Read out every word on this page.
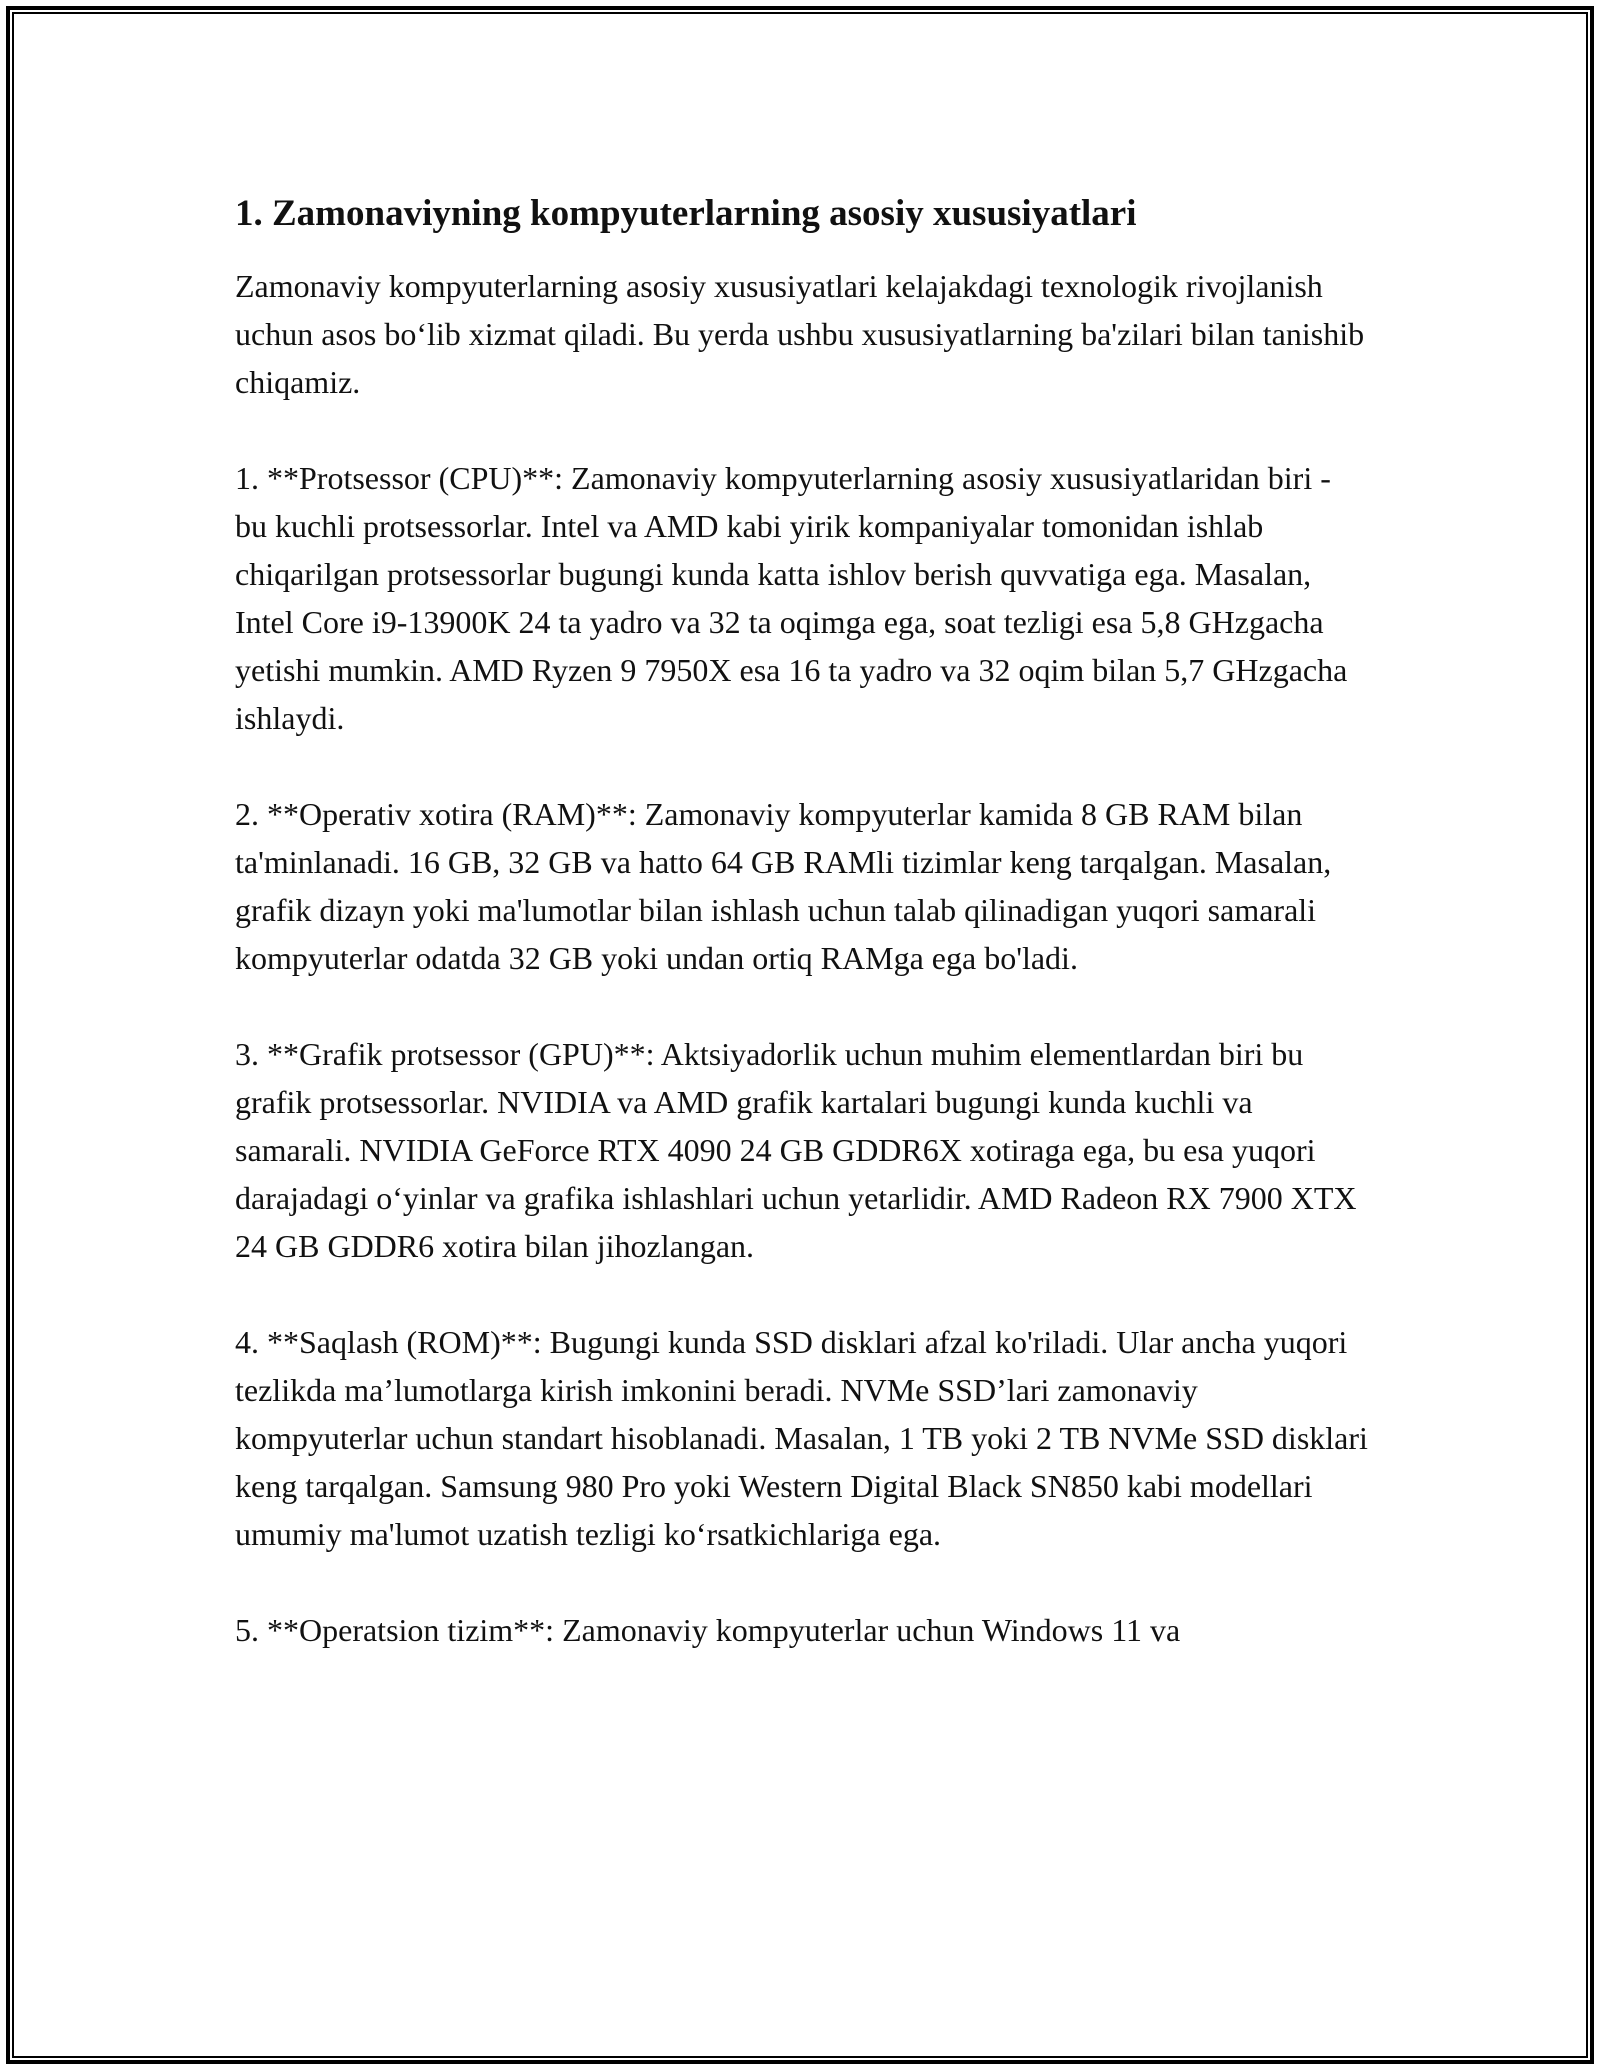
1. Zamonaviyning kompyuterlarning asosiy xususiyatlari

Zamonaviy kompyuterlarning asosiy xususiyatlari kelajakdagi texnologik rivojlanish uchun asos bo‘lib xizmat qiladi. Bu yerda ushbu xususiyatlarning ba'zilari bilan tanishib chiqamiz.

1. **Protsessor (CPU)**: Zamonaviy kompyuterlarning asosiy xususiyatlaridan biri - bu kuchli protsessorlar. Intel va AMD kabi yirik kompaniyalar tomonidan ishlab chiqarilgan protsessorlar bugungi kunda katta ishlov berish quvvatiga ega. Masalan, Intel Core i9-13900K 24 ta yadro va 32 ta oqimga ega, soat tezligi esa 5,8 GHzgacha yetishi mumkin. AMD Ryzen 9 7950X esa 16 ta yadro va 32 oqim bilan 5,7 GHzgacha ishlaydi.

2. **Operativ xotira (RAM)**: Zamonaviy kompyuterlar kamida 8 GB RAM bilan ta'minlanadi. 16 GB, 32 GB va hatto 64 GB RAMli tizimlar keng tarqalgan. Masalan, grafik dizayn yoki ma'lumotlar bilan ishlash uchun talab qilinadigan yuqori samarali kompyuterlar odatda 32 GB yoki undan ortiq RAMga ega bo'ladi.

3. **Grafik protsessor (GPU)**: Aktsiyadorlik uchun muhim elementlardan biri bu grafik protsessorlar. NVIDIA va AMD grafik kartalari bugungi kunda kuchli va samarali. NVIDIA GeForce RTX 4090 24 GB GDDR6X xotiraga ega, bu esa yuqori darajadagi o‘yinlar va grafika ishlashlari uchun yetarlidir. AMD Radeon RX 7900 XTX 24 GB GDDR6 xotira bilan jihozlangan.

4. **Saqlash (ROM)**: Bugungi kunda SSD disklari afzal ko'riladi. Ular ancha yuqori tezlikda ma’lumotlarga kirish imkonini beradi. NVMe SSD’lari zamonaviy kompyuterlar uchun standart hisoblanadi. Masalan, 1 TB yoki 2 TB NVMe SSD disklari keng tarqalgan. Samsung 980 Pro yoki Western Digital Black SN850 kabi modellari umumiy ma'lumot uzatish tezligi ko‘rsatkichlariga ega.

5. **Operatsion tizim**: Zamonaviy kompyuterlar uchun Windows 11 va
